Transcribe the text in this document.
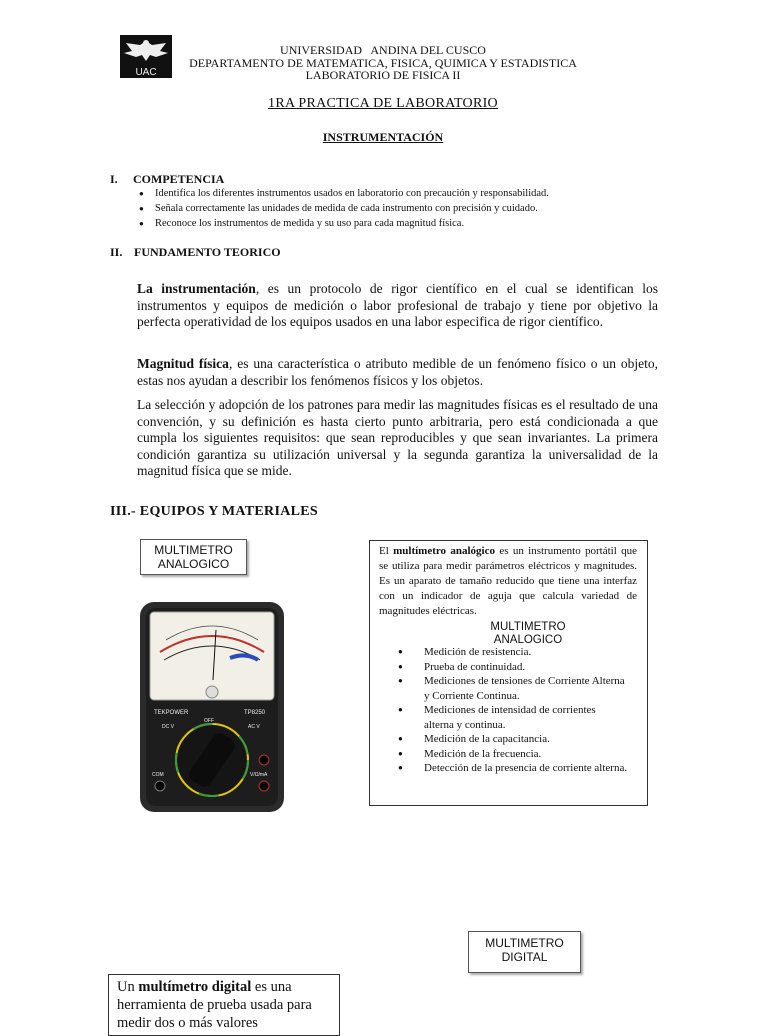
UAC
UNIVERSIDAD   ANDINA DEL CUSCO
DEPARTAMENTO DE MATEMATICA, FISICA, QUIMICA Y ESTADISTICA
LABORATORIO DE FISICA II
1RA PRACTICA DE LABORATORIO
INSTRUMENTACIÓN
I. COMPETENCIA
● Identifica los diferentes instrumentos usados en laboratorio con precaución y responsabilidad.
● Señala correctamente las unidades de medida de cada instrumento con precisión y cuidado.
● Reconoce los instrumentos de medida y su uso para cada magnitud física.
II. FUNDAMENTO TEORICO

La instrumentación, es un protocolo de rigor científico en el cual se identifican los instrumentos y equipos de medición o labor profesional de trabajo y tiene por objetivo la perfecta operatividad de los equipos usados en una labor especifica de rigor científico.

Magnitud física, es una característica o atributo medible de un fenómeno físico o un objeto, estas nos ayudan a describir los fenómenos físicos y los objetos.

La selección y adopción de los patrones para medir las magnitudes físicas es el resultado de una convención, y su definición es hasta cierto punto arbitraria, pero está condicionada a que cumpla los siguientes requisitos: que sean reproducibles y que sean invariantes. La primera condición garantiza su utilización universal y la segunda garantiza la universalidad de la magnitud física que se mide.

III.- EQUIPOS Y MATERIALES
MULTIMETRO ANALOGICO
TEKPOWER	TP8250
DC V
OFF
AC V
COM	V/Ω/mA

El multímetro analógico es un instrumento portátil que se utiliza para medir parámetros eléctricos y magnitudes. Es un aparato de tamaño reducido que tiene una interfaz con un indicador de aguja que calcula variedad de magnitudes eléctricas.

MULTIMETRO ANALOGICO
● Medición de resistencia.
● Prueba de continuidad.
● Mediciones de tensiones de Corriente Alterna y Corriente Continua.
● Mediciones de intensidad de corrientes alterna y continua.
● Medición de la capacitancia.
● Medición de la frecuencia.
● Detección de la presencia de corriente alterna.
MULTIMETRO DIGITAL

Un multímetro digital es una herramienta de prueba usada para medir dos o más valores
